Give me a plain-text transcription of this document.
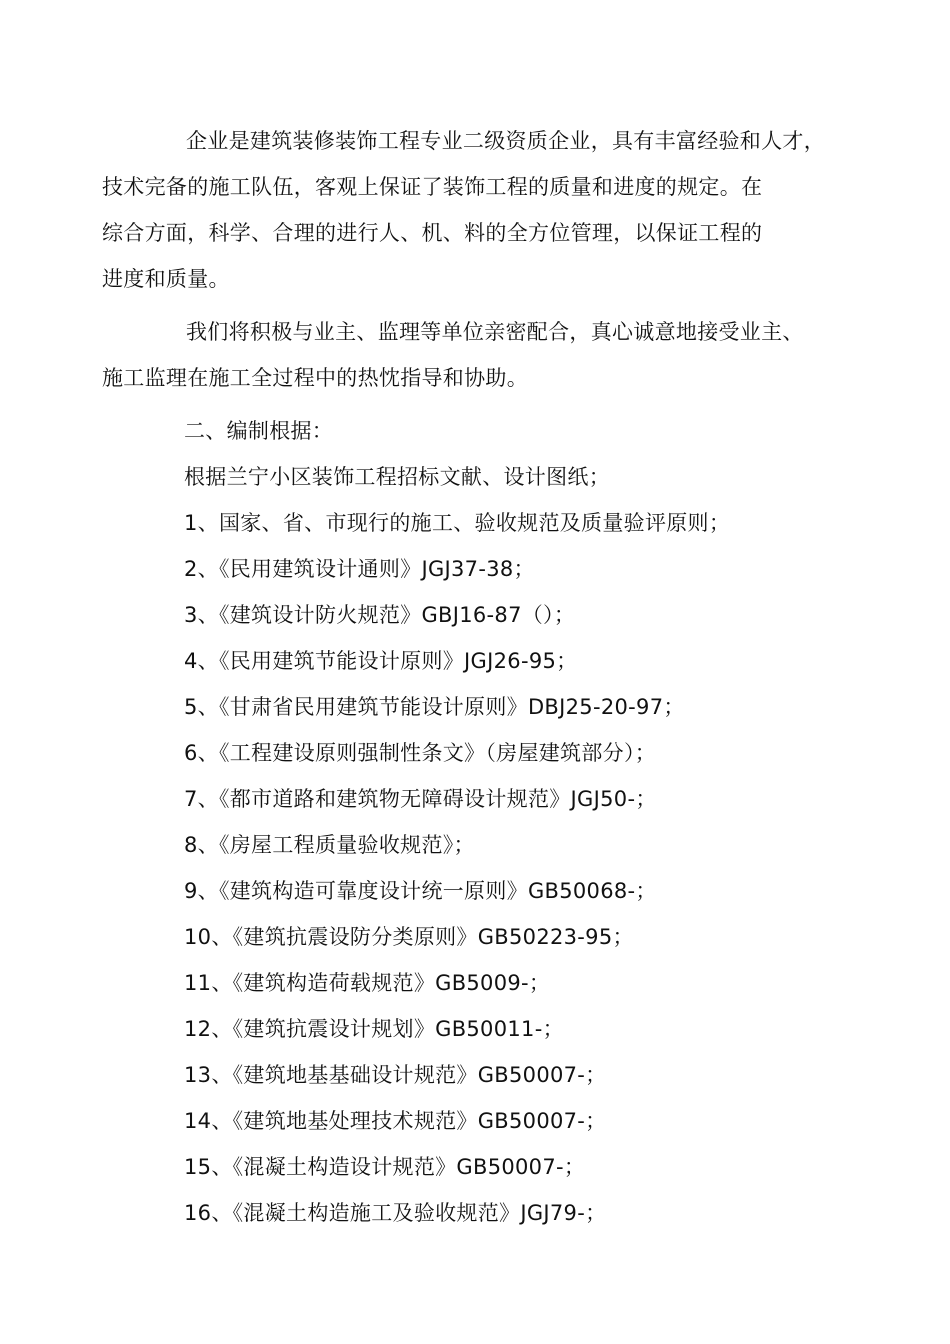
企业是建筑装修装饰工程专业二级资质企业，具有丰富经验和人才，
技术完备的施工队伍，客观上保证了装饰工程的质量和进度的规定。在
综合方面，科学、合理的进行人、机、料的全方位管理，以保证工程的
进度和质量。

我们将积极与业主、监理等单位亲密配合，真心诚意地接受业主、
施工监理在施工全过程中的热忱指导和协助。

二、编制根据：

根据兰宁小区装饰工程招标文献、设计图纸；

1、国家、省、市现行的施工、验收规范及质量验评原则；
2、《民用建筑设计通则》JGJ37-38；
3、《建筑设计防火规范》GBJ16-87（）；
4、《民用建筑节能设计原则》JGJ26-95；
5、《甘肃省民用建筑节能设计原则》DBJ25-20-97；
6、《工程建设原则强制性条文》（房屋建筑部分）；
7、《都市道路和建筑物无障碍设计规范》JGJ50-；
8、《房屋工程质量验收规范》；
9、《建筑构造可靠度设计统一原则》GB50068-；
10、《建筑抗震设防分类原则》GB50223-95；
11、《建筑构造荷载规范》GB5009-；
12、《建筑抗震设计规划》GB50011-；
13、《建筑地基基础设计规范》GB50007-；
14、《建筑地基处理技术规范》GB50007-；
15、《混凝土构造设计规范》GB50007-；
16、《混凝土构造施工及验收规范》JGJ79-；
